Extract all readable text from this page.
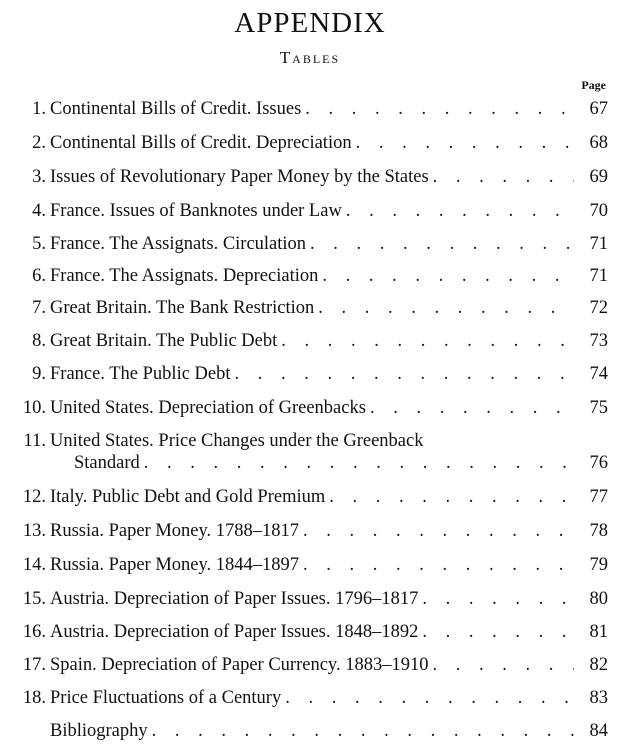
APPENDIX
Tables
Page
1. Continental Bills of Credit. Issues . . .	67
2. Continental Bills of Credit. Depreciation . . .	68
3. Issues of Revolutionary Paper Money by the States . . .	69
4. France. Issues of Banknotes under Law . . .	70
5. France. The Assignats. Circulation . . .	71
6. France. The Assignats. Depreciation . . .	71
7. Great Britain. The Bank Restriction . . .	72
8. Great Britain. The Public Debt . . .	73
9. France. The Public Debt . . .	74
10. United States. Depreciation of Greenbacks . . .	75
11. United States. Price Changes under the Greenback
Standard . . .	76
12. Italy. Public Debt and Gold Premium . . .	77
13. Russia. Paper Money. 1788–1817 . . .	78
14. Russia. Paper Money. 1844–1897 . . .	79
15. Austria. Depreciation of Paper Issues. 1796–1817 . . .	80
16. Austria. Depreciation of Paper Issues. 1848–1892 . . .	81
17. Spain. Depreciation of Paper Currency. 1883–1910 . . .	82
18. Price Fluctuations of a Century . . .	83
Bibliography . . .	84
